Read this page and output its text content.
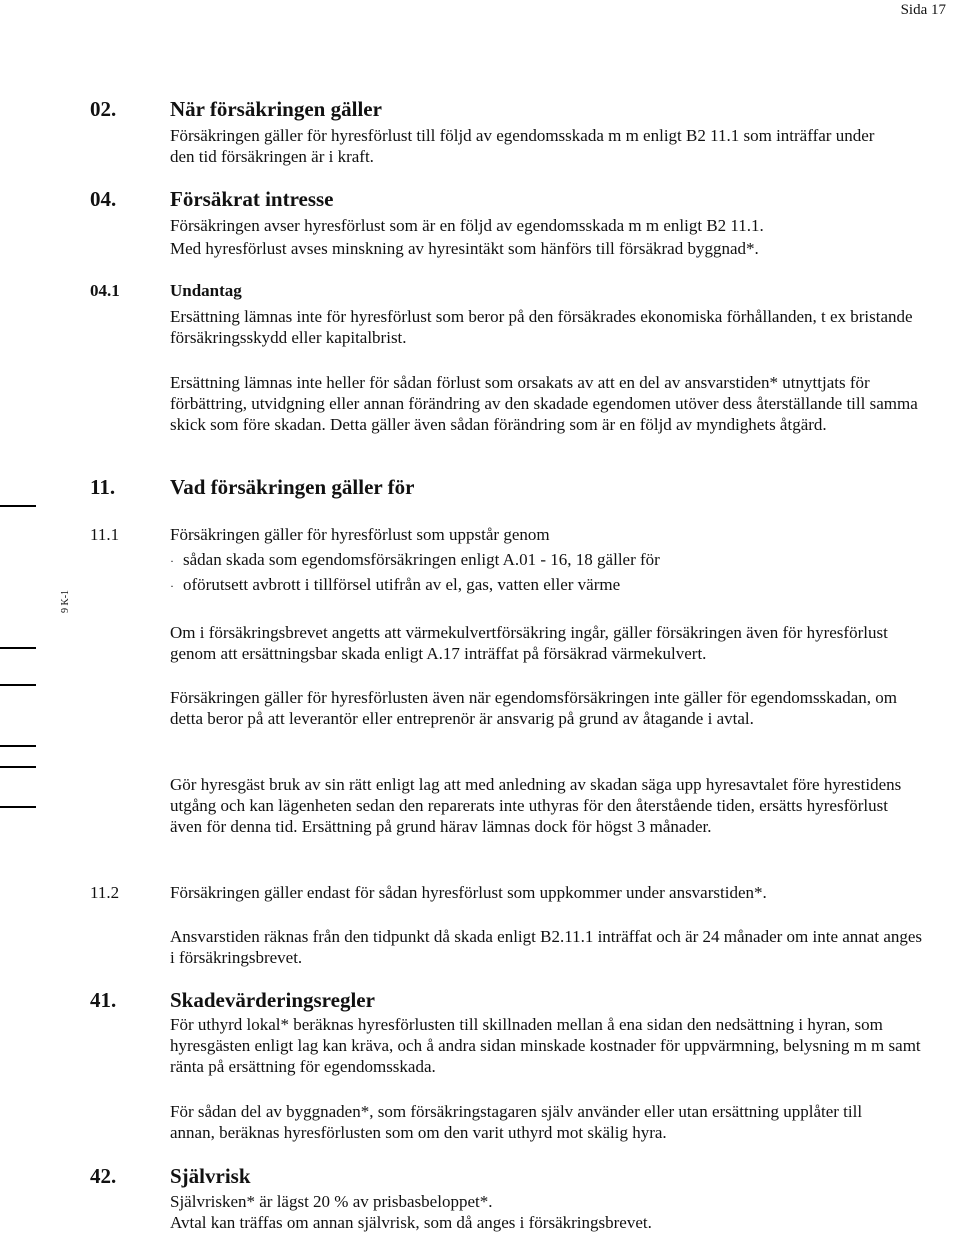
Sida 17
9 K-1
02.	När försäkringen gäller

Försäkringen gäller för hyresförlust till följd av egendomsskada m m enligt B2 11.1 som inträffar under den tid försäkringen är i kraft.

04.	Försäkrat intresse

Försäkringen avser hyresförlust som är en följd av egendomsskada m m enligt B2 11.1.

Med hyresförlust avses minskning av hyresintäkt som hänförs till försäkrad byggnad*.

04.1	Undantag

Ersättning lämnas inte för hyresförlust som beror på den försäkrades ekonomiska förhållanden, t ex bristande försäkringsskydd eller kapitalbrist.

Ersättning lämnas inte heller för sådan förlust som orsakats av att en del av ansvarstiden* utnyttjats för förbättring, utvidgning eller annan förändring av den skadade egendomen utöver dess återställande till samma skick som före skadan. Detta gäller även sådan förändring som är en följd av myndighets åtgärd.

11.	Vad försäkringen gäller för
11.1	Försäkringen gäller för hyresförlust som uppstår genom

· sådan skada som egendomsförsäkringen enligt A.01 - 16, 18 gäller för
· oförutsett avbrott i tillförsel utifrån av el, gas, vatten eller värme

Om i försäkringsbrevet angetts att värmekulvertförsäkring ingår, gäller försäkringen även för hyresförlust genom att ersättningsbar skada enligt A.17 inträffat på försäkrad värmekulvert.

Försäkringen gäller för hyresförlusten även när egendomsförsäkringen inte gäller för egendomsskadan, om detta beror på att leverantör eller entreprenör är ansvarig på grund av åtagande i avtal.

Gör hyresgäst bruk av sin rätt enligt lag att med anledning av skadan säga upp hyresavtalet före hyrestidens utgång och kan lägenheten sedan den reparerats inte uthyras för den återstående tiden, ersätts hyresförlust även för denna tid. Ersättning på grund härav lämnas dock för högst 3 månader.

11.2	Försäkringen gäller endast för sådan hyresförlust som uppkommer under ansvarstiden*.

Ansvarstiden räknas från den tidpunkt då skada enligt B2.11.1 inträffat och är 24 månader om inte annat anges i försäkringsbrevet.

41.	Skadevärderingsregler

För uthyrd lokal* beräknas hyresförlusten till skillnaden mellan å ena sidan den nedsättning i hyran, som hyresgästen enligt lag kan kräva, och å andra sidan minskade kostnader för uppvärmning, belysning m m samt ränta på ersättning för egendomsskada.

För sådan del av byggnaden*, som försäkringstagaren själv använder eller utan ersättning upplåter till annan, beräknas hyresförlusten som om den varit uthyrd mot skälig hyra.

42.	Självrisk

Självrisken* är lägst 20 % av prisbasbeloppet*.

Avtal kan träffas om annan självrisk, som då anges i försäkringsbrevet.
